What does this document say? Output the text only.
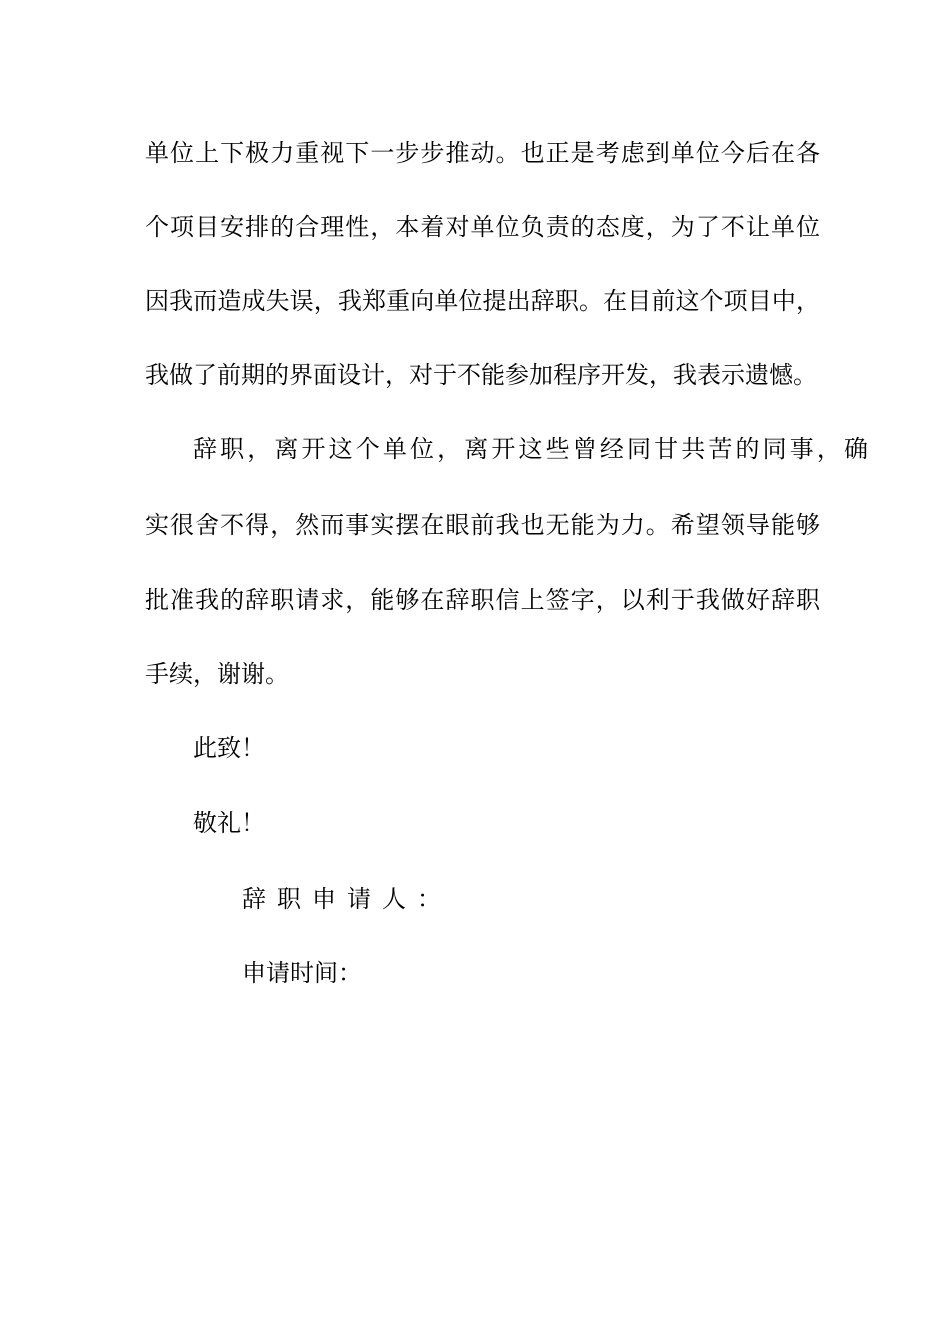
单位上下极力重视下一步步推动。也正是考虑到单位今后在各
个项目安排的合理性，本着对单位负责的态度，为了不让单位
因我而造成失误，我郑重向单位提出辞职。在目前这个项目中，
我做了前期的界面设计，对于不能参加程序开发，我表示遗憾。
辞职，离开这个单位，离开这些曾经同甘共苦的同事，确
实很舍不得，然而事实摆在眼前我也无能为力。希望领导能够
批准我的辞职请求，能够在辞职信上签字，以利于我做好辞职
手续，谢谢。
此致！
敬礼！
辞职申请人：
申请时间：
